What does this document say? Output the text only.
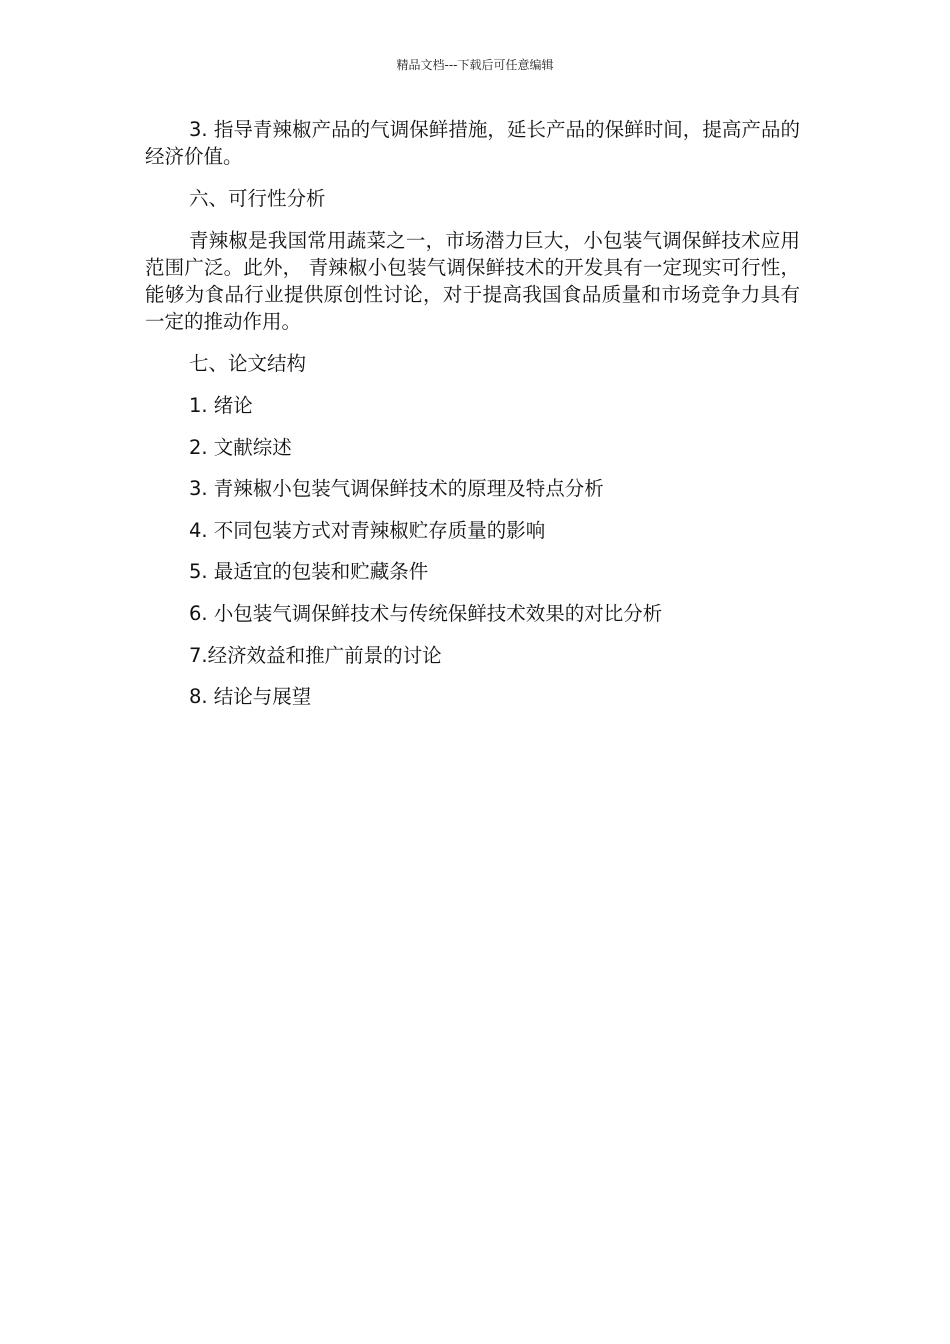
精品文档---下载后可任意编辑

3. 指导青辣椒产品的气调保鲜措施，延长产品的保鲜时间，提高产品的经济价值。

六、可行性分析

青辣椒是我国常用蔬菜之一，市场潜力巨大，小包装气调保鲜技术应用范围广泛。此外， 青辣椒小包装气调保鲜技术的开发具有一定现实可行性，能够为食品行业提供原创性讨论，对于提高我国食品质量和市场竞争力具有一定的推动作用。

七、论文结构
1. 绪论
2. 文献综述
3. 青辣椒小包装气调保鲜技术的原理及特点分析
4. 不同包装方式对青辣椒贮存质量的影响
5. 最适宜的包装和贮藏条件
6. 小包装气调保鲜技术与传统保鲜技术效果的对比分析
7.经济效益和推广前景的讨论
8. 结论与展望
